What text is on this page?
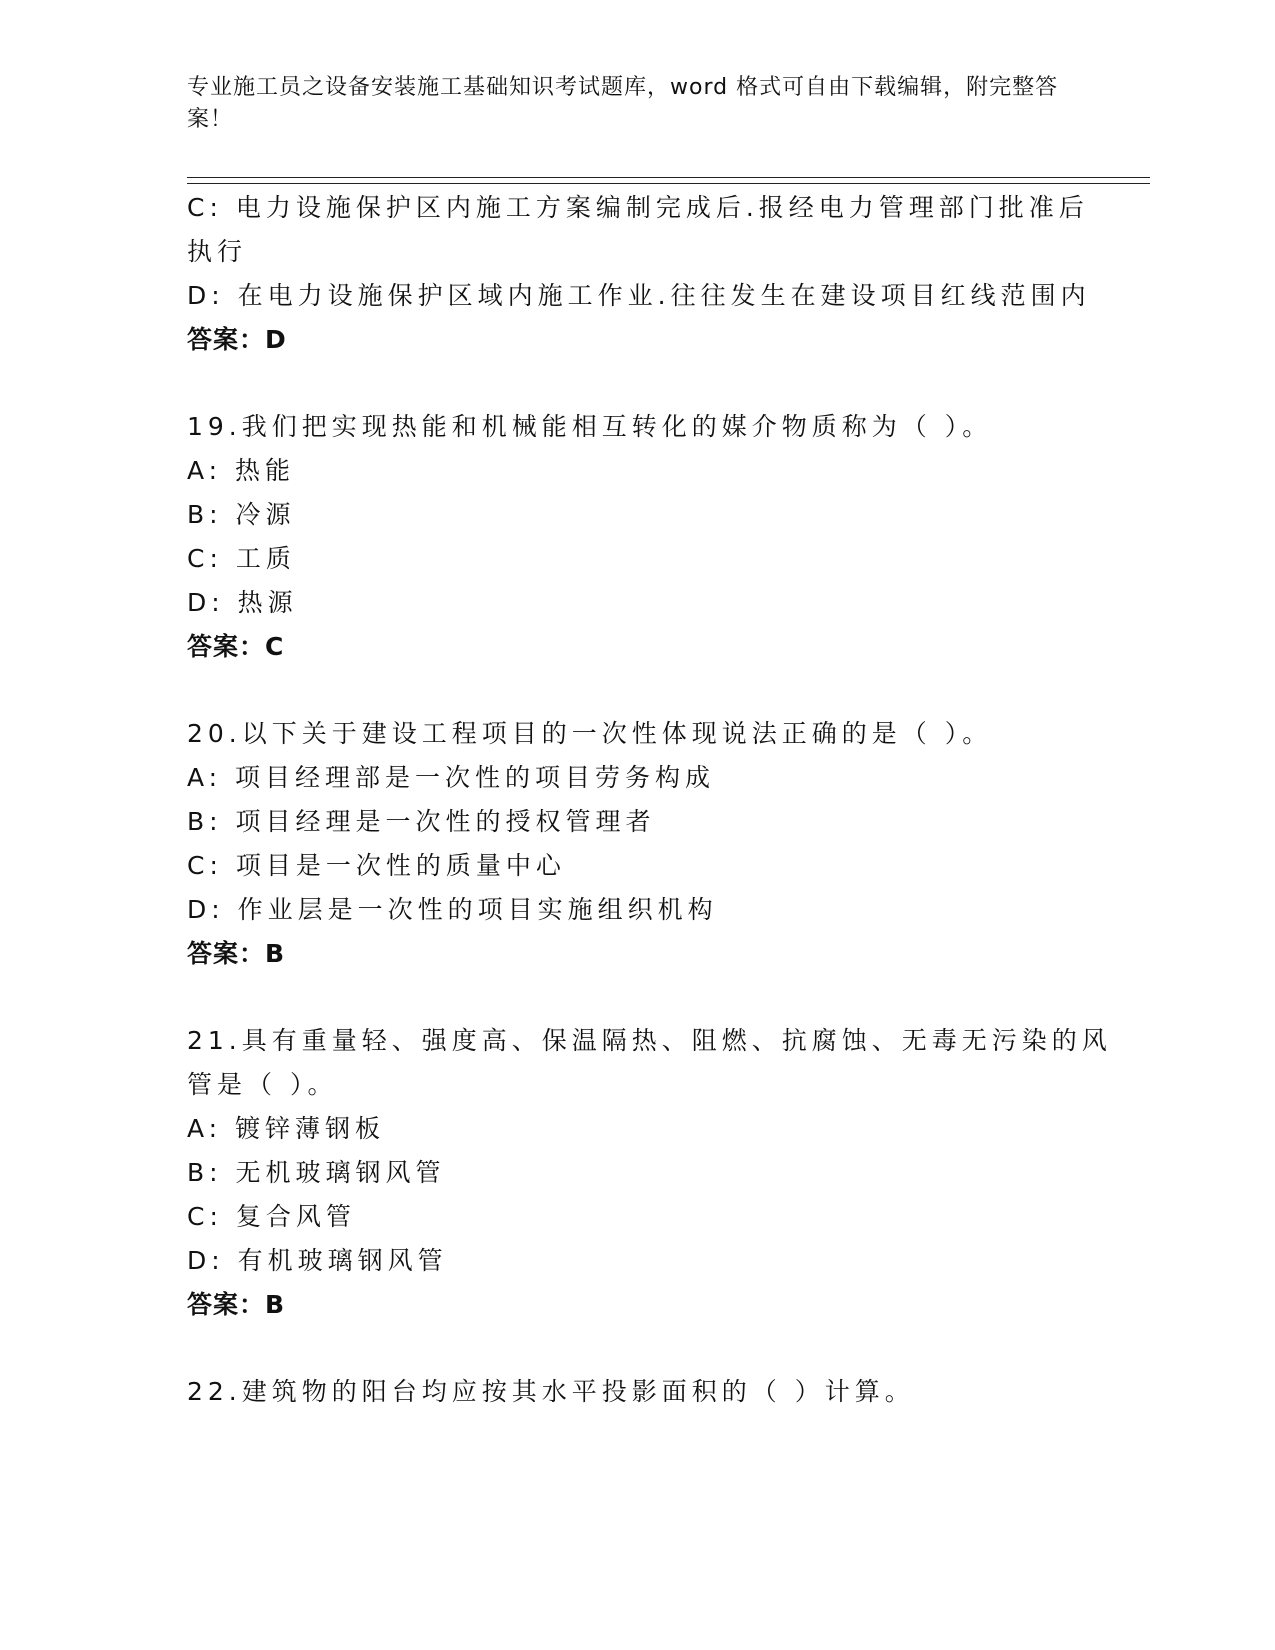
专业施工员之设备安装施工基础知识考试题库，word 格式可自由下载编辑，附完整答案！
C: 电力设施保护区内施工方案编制完成后.报经电力管理部门批准后
执行
D: 在电力设施保护区域内施工作业.往往发生在建设项目红线范围内
答案：D
19.我们把实现热能和机械能相互转化的媒介物质称为（ ）。
A: 热能
B: 冷源
C: 工质
D: 热源
答案：C
20.以下关于建设工程项目的一次性体现说法正确的是（ ）。
A: 项目经理部是一次性的项目劳务构成
B: 项目经理是一次性的授权管理者
C: 项目是一次性的质量中心
D: 作业层是一次性的项目实施组织机构
答案：B
21.具有重量轻、强度高、保温隔热、阻燃、抗腐蚀、无毒无污染的风
管是（ ）。
A: 镀锌薄钢板
B: 无机玻璃钢风管
C: 复合风管
D: 有机玻璃钢风管
答案：B
22.建筑物的阳台均应按其水平投影面积的（ ）计算。
